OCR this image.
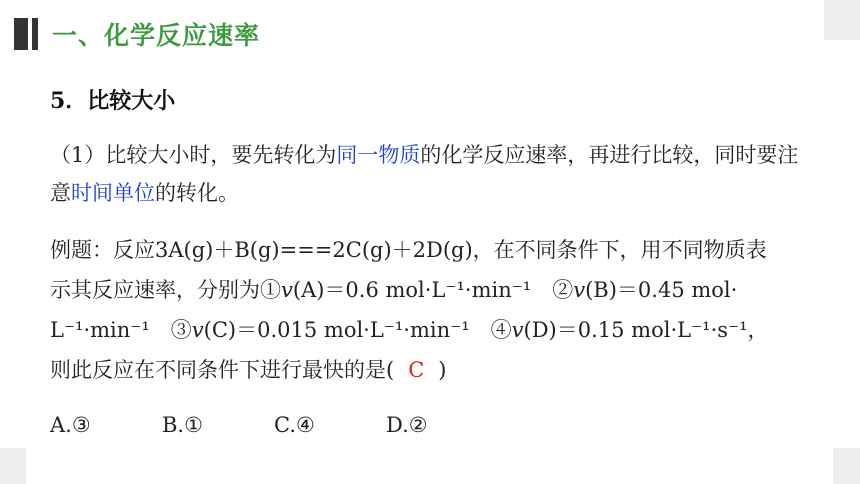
一、化学反应速率
5．比较大小
（1）比较大小时，要先转化为同一物质的化学反应速率，再进行比较，同时要注意时间单位的转化。
例题：反应3A(g)＋B(g)===2C(g)＋2D(g)，在不同条件下，用不同物质表
示其反应速率，分别为①v(A)＝0.6 mol·L⁻¹·min⁻¹　②v(B)＝0.45 mol·
L⁻¹·min⁻¹　③v(C)＝0.015 mol·L⁻¹·min⁻¹　④v(D)＝0.15 mol·L⁻¹·s⁻¹，
则此反应在不同条件下进行最快的是( C )
A.③	B.①	C.④	D.②
